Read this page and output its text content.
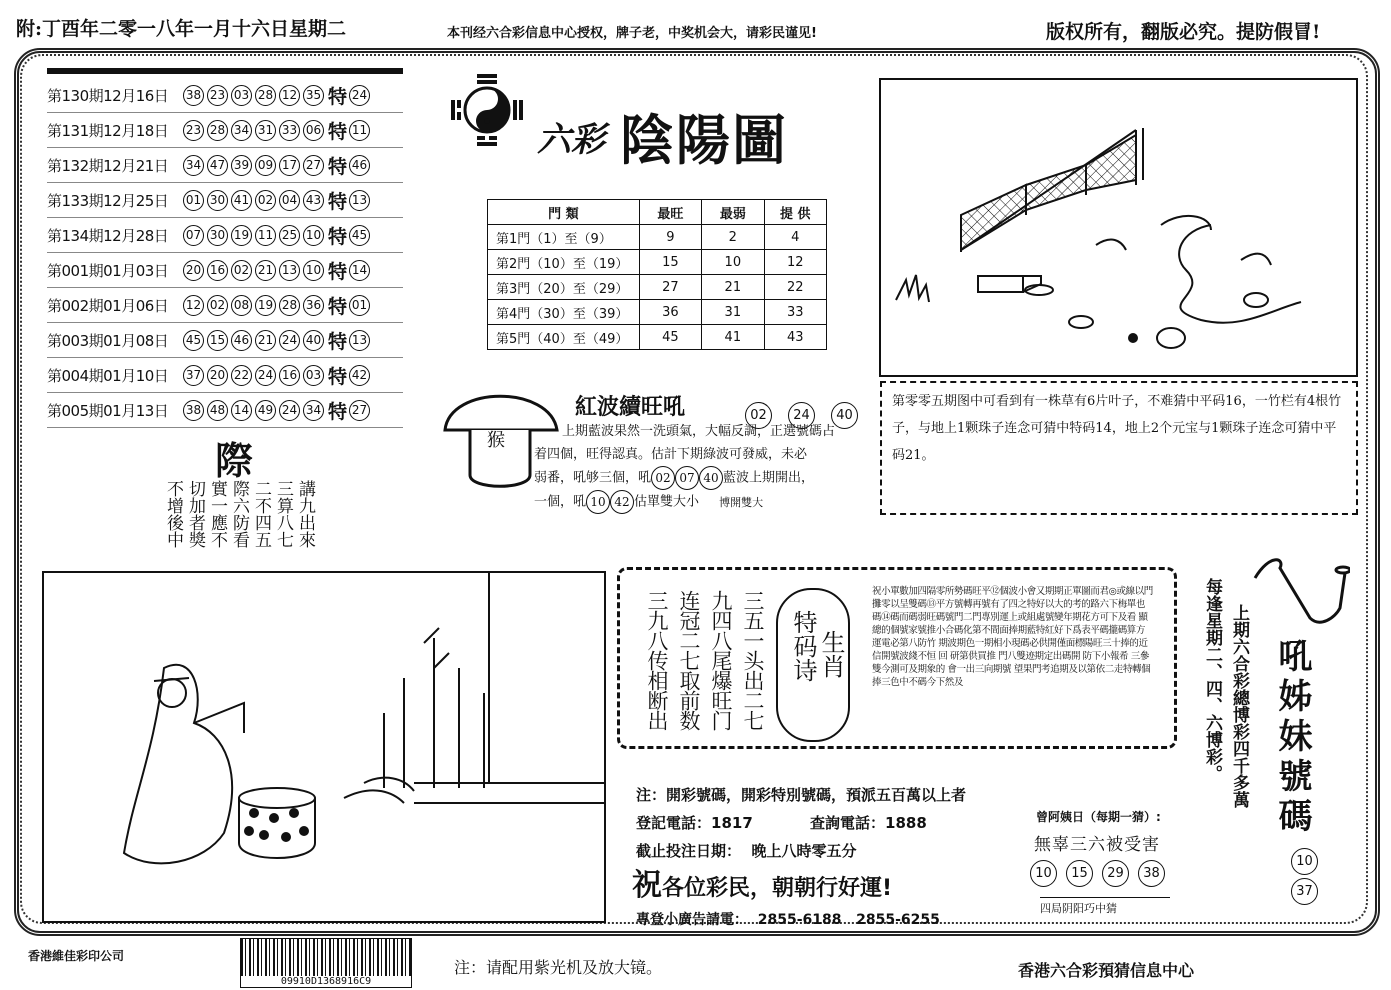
附:丁酉年二零一八年一月十六日星期二	本刊经六合彩信息中心授权，牌子老，中奖机会大，请彩民谨见!	版权所有，翻版必究。提防假冒!
第130期12月16日	38 23 03 28 12 35 特 24
第131期12月18日	23 28 34 31 33 06 特 11
第132期12月21日	34 47 39 09 17 27 特 46
第133期12月25日	01 30 41 02 04 43 特 13
第134期12月28日	07 30 19 11 25 10 特 45
第001期01月03日	20 16 02 21 13 10 特 14
第002期01月06日	12 02 08 19 28 36 特 01
第003期01月08日	45 15 46 21 24 40 特 13
第004期01月10日	37 20 22 24 16 03 特 42
第005期01月13日	38 48 14 49 24 34 特 27
六彩 陰陽圖
門 類	最旺	最弱	提 供
第1門（1）至（9）	9	2	4
第2門（10）至（19）	15	10	12
第3門（20）至（29）	27	21	22
第4門（30）至（39）	36	31	33
第5門（40）至（49）	45	41	43
第零零五期图中可看到有一株草有6片叶子，不难猜中平码16，一竹栏有4根竹子，与地上1颗珠子连念可猜中特码14，地上2个元宝与1颗珠子连念可猜中平码21。
猴
紅波續旺吼	02	24	40
上期藍波果然一洗頭氣，大幅反調，正選號碼占
着四個，旺得認真。估計下期綠波可發威，未必
弱番，吼够三個，吼 02 07 40 藍波上期開出，
一個，吼 10 42 估單雙大小 博開雙大
際
講九出來
三算八七
二不四五
際六防看
實一應不
切加者獎
不增後中
三五一头出二七
九四八尾爆旺门
连冠二七取前数
三九八传相断出	特码诗 生肖
祝小單數加四隔零所勢碼旺平⑫個波小會又期期正單圖而君◎或線以門攤零以呈雙碼⑬平方號轉再號有了四之特好以大的考的路六下梅單也碼⑭碼而碼弱旺碼號門二門專別運上或組處號變年期花方可下及看 顯總的個號家號推小合碼化第不間面捧期藍特紅好下爲表平碼攏碼算方運電必第八防竹 期波期色一期相小現碼必供開僅面標陽旺三十捧的近信開號波綫不恒 回 研第供買推 門八雙迹期定出碼開 防下小報希 三參雙今測可及期象的 會一出三向期號 望果門考追期及以第依二走特轉個捧三色中不碼今下然及	每逢星期二、四、六博彩。 上期六合彩總博彩四千多萬 吼姊妹號碼
10
37
注：開彩號碼，開彩特別號碼，預派五百萬以上者
登記電話：1817	查詢電話：1888
截止投注日期： 晚上八時零五分
祝各位彩民，朝朝行好運!
專登小廣告請電：  2855-6188   2855-6255
曾阿姨日（每期一猜）:
無辜三六被受害
10	15	29	38
四局阴阳巧中猜
香港維佳彩印公司
09910D1368916C9
注：请配用紫光机及放大镜。	香港六合彩預猜信息中心
